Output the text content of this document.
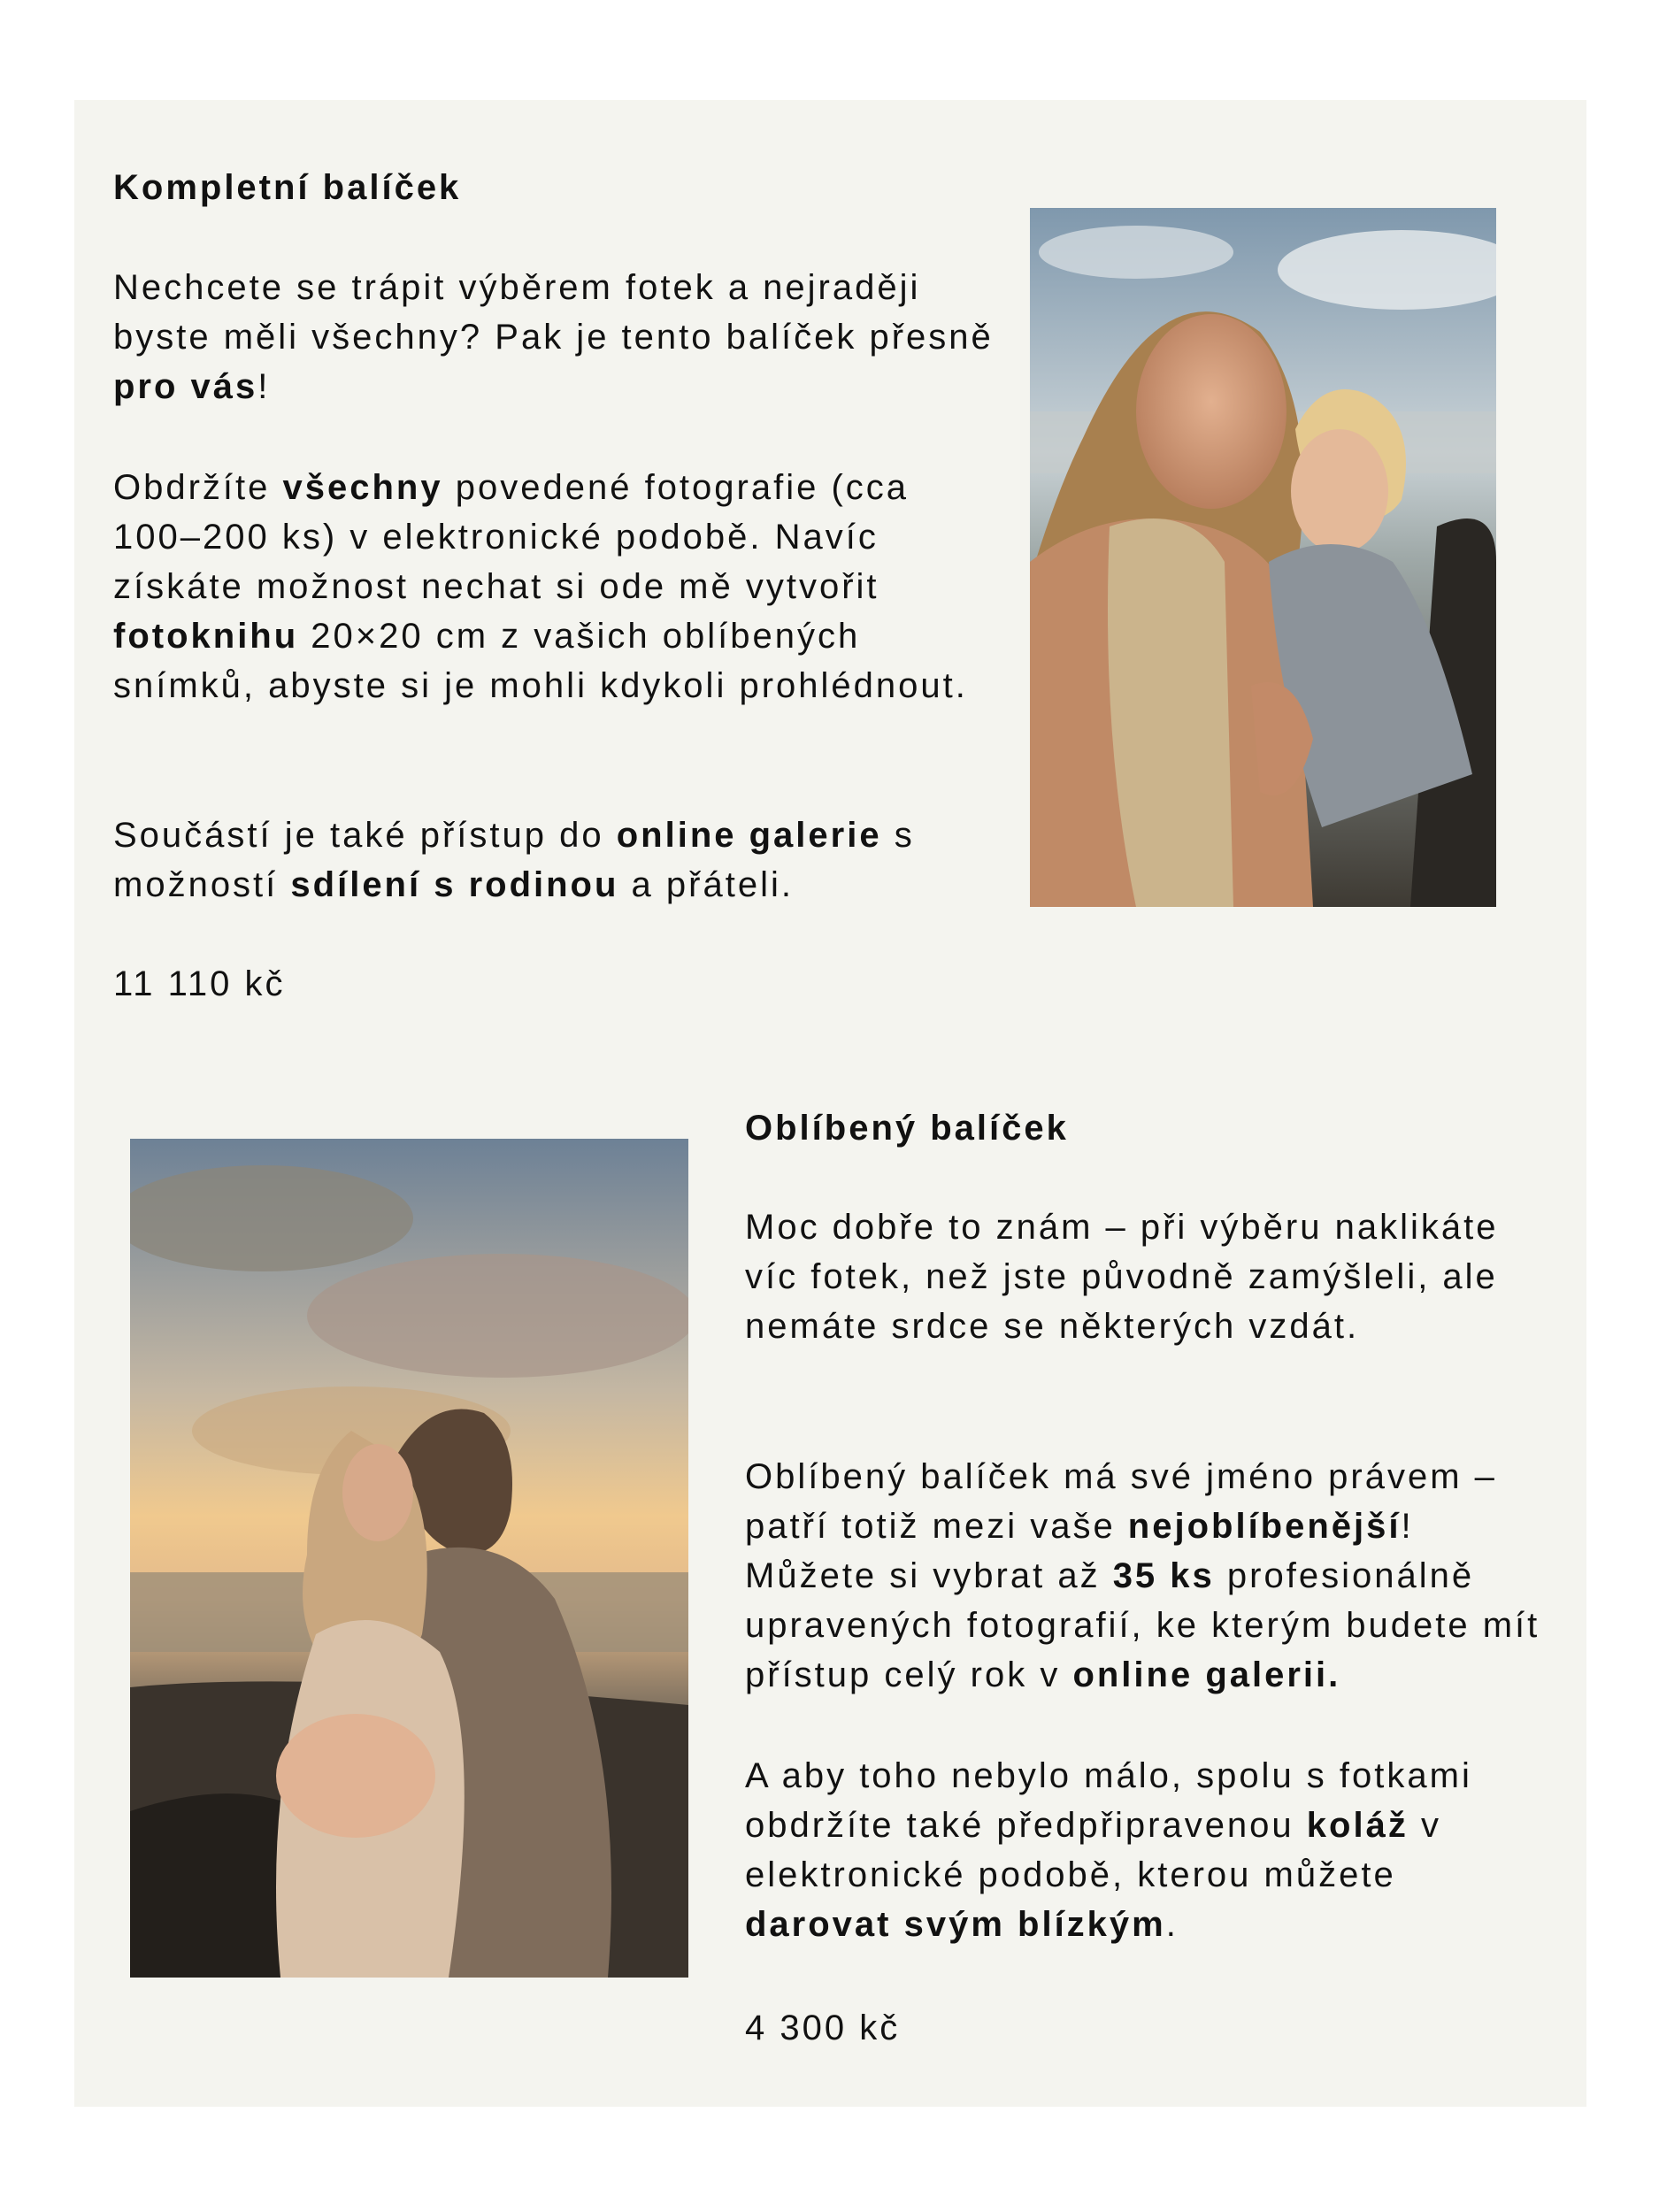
Kompletní balíček

Nechcete se trápit výběrem fotek a nejraději byste měli všechny? Pak je tento balíček přesně pro vás!

Obdržíte všechny povedené fotografie (cca 100–200 ks) v elektronické podobě. Navíc získáte možnost nechat si ode mě vytvořit fotoknihu 20×20 cm z vašich oblíbených snímků, abyste si je mohli kdykoli prohlédnout.

Součástí je také přístup do online galerie s možností sdílení s rodinou a přáteli.

11 110 kč

Oblíbený balíček

Moc dobře to znám – při výběru naklikáte víc fotek, než jste původně zamýšleli, ale nemáte srdce se některých vzdát.

Oblíbený balíček má své jméno právem – patří totiž mezi vaše nejoblíbenější! Můžete si vybrat až 35 ks profesionálně upravených fotografií, ke kterým budete mít přístup celý rok v online galerii.

A aby toho nebylo málo, spolu s fotkami obdržíte také předpřipravenou koláž v elektronické podobě, kterou můžete darovat svým blízkým.

4 300 kč
